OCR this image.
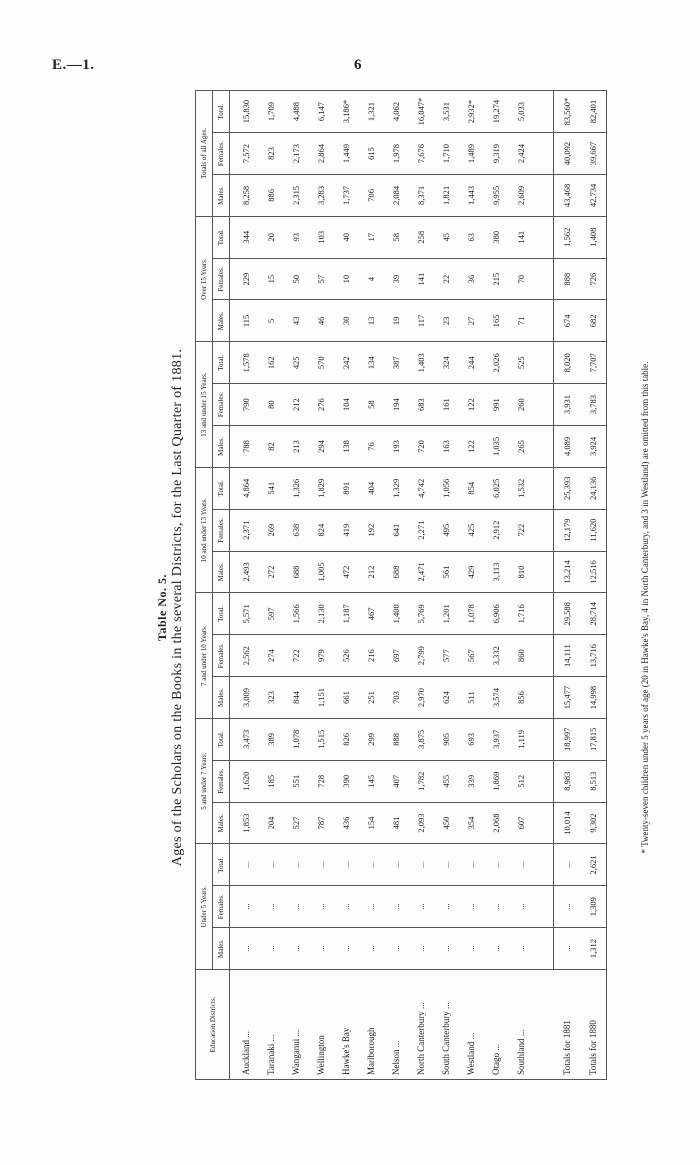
E.—1.	6
Table No. 5. Ages of the Scholars on the Books in the several Districts, for the Last Quarter of 1881.
Education Districts.	Under 5 Years.			5 and under 7 Years.			7 and under 10 Years.			10 and under 13 Years.			13 and under 15 Years.			Over 15 Years.			Totals of all Ages.		
	Males.	Females.	Total.	Males.	Females.	Total.	Males.	Females.	Total.	Males.	Females.	Total.	Males.	Females.	Total.	Males.	Females.	Total.	Males.	Females.	Total.
Auckland ...	...	...	...	1,853	1,620	3,473	3,009	2,562	5,571	2,493	2,371	4,864	788	790	1,578	115	229	344	8,258	7,572	15,830
Taranaki ...	...	...	...	204	185	389	323	274	597	272	269	541	82	80	162	5	15	20	886	823	1,709
Wanganui ...	...	...	...	527	551	1,078	844	722	1,566	688	638	1,326	213	212	425	43	50	93	2,315	2,173	4,488
Wellington	...	...	...	787	728	1,515	1,151	979	2,130	1,005	824	1,829	294	276	570	46	57	103	3,283	2,864	6,147
Hawke's Bay	...	...	...	436	390	826	661	526	1,187	472	419	891	138	104	242	30	10	40	1,737	1,449	3,186*
Marlborough	...	...	...	154	145	299	251	216	467	212	192	404	76	58	134	13	4	17	706	615	1,321
Nelson ...	...	...	...	481	407	888	703	697	1,400	688	641	1,329	193	194	387	19	39	58	2,084	1,978	4,062
North Canterbury ...	...	...	...	2,093	1,782	3,875	2,970	2,799	5,769	2,471	2,271	4,742	720	683	1,403	117	141	258	8,371	7,676	16,047*
South Canterbury ...	...	...	...	450	455	905	624	577	1,201	561	495	1,056	163	161	324	23	22	45	1,821	1,710	3,531
Westland ...	...	...	...	354	339	693	511	567	1,078	429	425	854	122	122	244	27	36	63	1,443	1,489	2,932*
Otago ...	...	...	...	2,068	1,869	3,937	3,574	3,332	6,906	3,113	2,912	6,025	1,035	991	2,026	165	215	380	9,955	9,319	19,274
Southland ...	...	...	...	607	512	1,119	856	860	1,716	810	722	1,532	265	260	525	71	70	141	2,609	2,424	5,033

Totals for 1881	...	...	...	10,014	8,983	18,997	15,477	14,111	29,588	13,214	12,179	25,393	4,089	3,931	8,020	674	888	1,562	43,468	40,092	83,560*
Totals for 1880	1,312	1,309	2,621	9,302	8,513	17,815	14,998	13,716	28,714	12,516	11,620	24,136	3,924	3,783	7,707	682	726	1,408	42,734	39,667	82,401
* Twenty-seven children under 5 years of age (20 in Hawke's Bay, 4 in North Canterbury, and 3 in Westland) are omitted from this table.
